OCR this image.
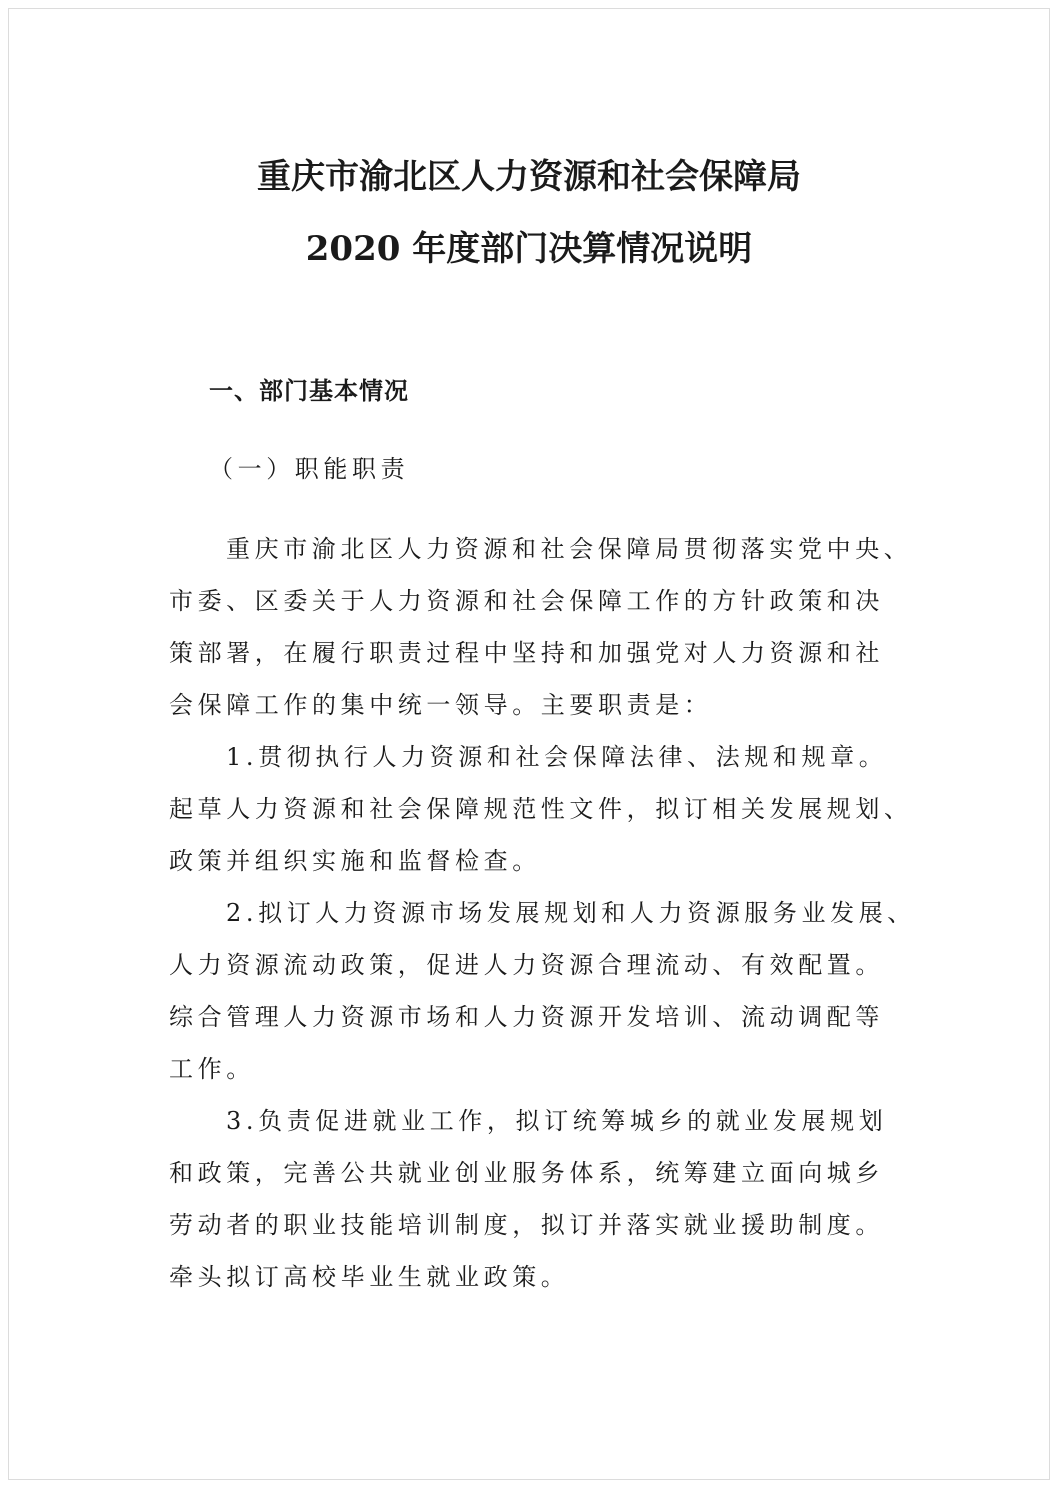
重庆市渝北区人力资源和社会保障局
2020 年度部门决算情况说明
一、部门基本情况
（一）职能职责
重庆市渝北区人力资源和社会保障局贯彻落实党中央、
市委、区委关于人力资源和社会保障工作的方针政策和决
策部署，在履行职责过程中坚持和加强党对人力资源和社
会保障工作的集中统一领导。主要职责是：
1.贯彻执行人力资源和社会保障法律、法规和规章。
起草人力资源和社会保障规范性文件，拟订相关发展规划、
政策并组织实施和监督检查。
2.拟订人力资源市场发展规划和人力资源服务业发展、
人力资源流动政策，促进人力资源合理流动、有效配置。
综合管理人力资源市场和人力资源开发培训、流动调配等
工作。
3.负责促进就业工作，拟订统筹城乡的就业发展规划
和政策，完善公共就业创业服务体系，统筹建立面向城乡
劳动者的职业技能培训制度，拟订并落实就业援助制度。
牵头拟订高校毕业生就业政策。
